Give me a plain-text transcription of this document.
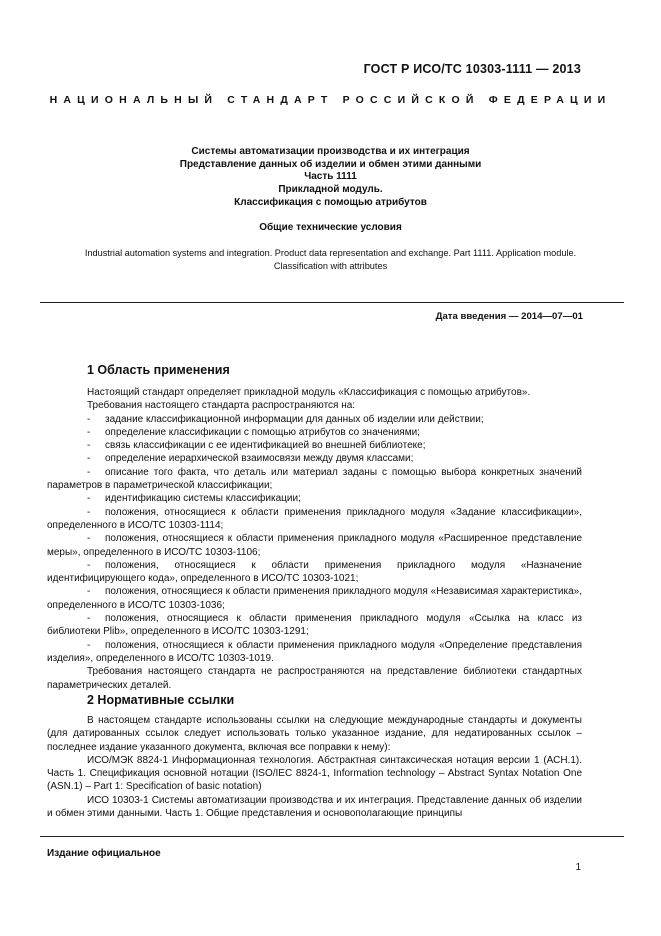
ГОСТ Р ИСО/ТС 10303-1111 — 2013
НАЦИОНАЛЬНЫЙ СТАНДАРТ РОССИЙСКОЙ ФЕДЕРАЦИИ
Системы автоматизации производства и их интеграция
Представление данных об изделии и обмен этими данными
Часть 1111
Прикладной модуль.
Классификация с помощью атрибутов
Общие технические условия
Industrial automation systems and integration. Product data representation and exchange. Part 1111. Application module. Classification with attributes
Дата введения — 2014—07—01
1 Область применения

Настоящий стандарт определяет прикладной модуль «Классификация с помощью атрибутов».

Требования настоящего стандарта распространяются на:

- задание классификационной информации для данных об изделии или действии;

- определение классификации с помощью атрибутов со значениями;

- связь классификации с ее идентификацией во внешней библиотеке;

- определение иерархической взаимосвязи между двумя классами;

- описание того факта, что деталь или материал заданы с помощью выбора конкретных значений параметров в параметрической классификации;

- идентификацию системы классификации;

- положения, относящиеся к области применения прикладного модуля «Задание классификации», определенного в ИСО/ТС 10303-1114;

- положения, относящиеся к области применения прикладного модуля «Расширенное представление меры», определенного в ИСО/ТС 10303-1106;

- положения, относящиеся к области применения прикладного модуля «Назначение идентифицирующего кода», определенного в ИСО/ТС 10303-1021;

- положения, относящиеся к области применения прикладного модуля «Независимая характеристика», определенного в ИСО/ТС 10303-1036;

- положения, относящиеся к области применения прикладного модуля «Ссылка на класс из библиотеки Plib», определенного в ИСО/ТС 10303-1291;

- положения, относящиеся к области применения прикладного модуля «Определение представления изделия», определенного в ИСО/ТС 10303-1019.

Требования настоящего стандарта не распространяются на представление библиотеки стандартных параметрических деталей.

2 Нормативные ссылки

В настоящем стандарте использованы ссылки на следующие международные стандарты и документы (для датированных ссылок следует использовать только указанное издание, для недатированных ссылок – последнее издание указанного документа, включая все поправки к нему):

ИСО/МЭК 8824-1 Информационная технология. Абстрактная синтаксическая нотация версии 1 (АСН.1). Часть 1. Спецификация основной нотации (ISO/IEC 8824-1, Information technology – Abstract Syntax Notation One (ASN.1) – Part 1: Specification of basic notation)

ИСО 10303-1 Системы автоматизации производства и их интеграция. Представление данных об изделии и обмен этими данными. Часть 1. Общие представления и основополагающие принципы

Издание официальное
1
